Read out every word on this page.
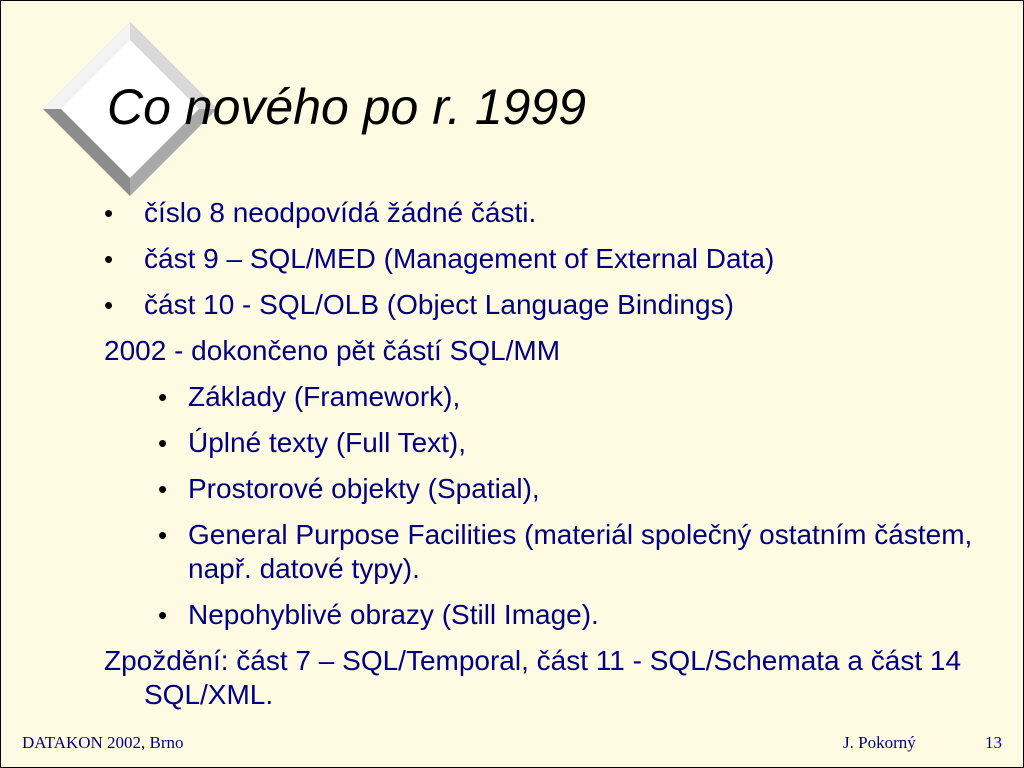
Co nového po r. 1999
• číslo 8 neodpovídá žádné části.
• část 9 – SQL/MED (Management of External Data)
• část 10 - SQL/OLB (Object Language Bindings)
2002 - dokončeno pět částí SQL/MM
• Základy (Framework),
• Úplné texty (Full Text),
• Prostorové objekty (Spatial),
• General Purpose Facilities (materiál společný ostatním částem, např. datové typy).
• Nepohyblivé obrazy (Still Image).
Zpoždění: část 7 – SQL/Temporal, část 11 - SQL/Schemata a část 14 SQL/XML.
DATAKON 2002, Brno	J. Pokorný	13
